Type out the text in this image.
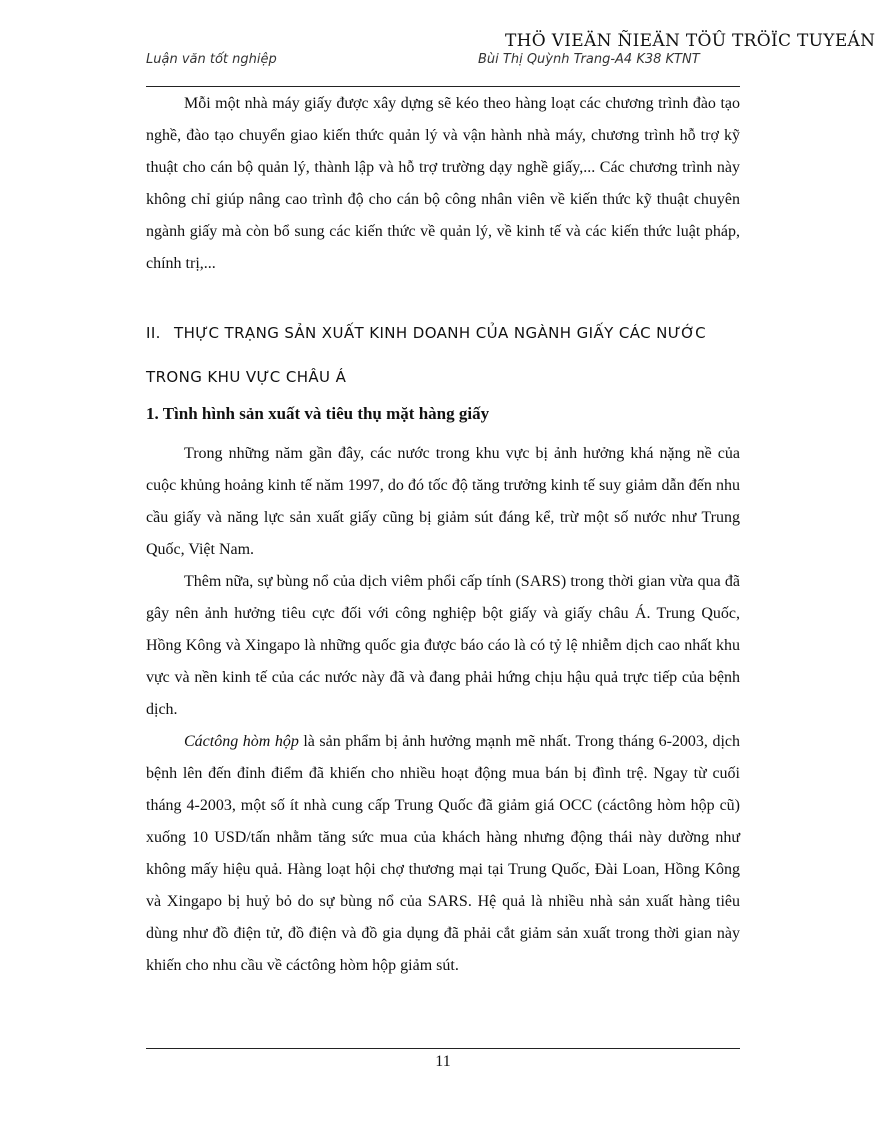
THÖ VIEÄN ÑIEÄN TÖÛ TRÖÏC TUYEÁN
Luận văn tốt nghiệp	Bùi Thị Quỳnh Trang-A4 K38 KTNT

Mỗi một nhà máy giấy được xây dựng sẽ kéo theo hàng loạt các chương trình đào tạo nghề, đào tạo chuyển giao kiến thức quản lý và vận hành nhà máy, chương trình hỗ trợ kỹ thuật cho cán bộ quản lý, thành lập và hỗ trợ trường dạy nghề giấy,... Các chương trình này không chỉ giúp nâng cao trình độ cho cán bộ công nhân viên về kiến thức kỹ thuật chuyên ngành giấy mà còn bổ sung các kiến thức về quản lý, về kinh tế và các kiến thức luật pháp, chính trị,...

II. THỰC TRẠNG SẢN XUẤT KINH DOANH CỦA NGÀNH GIẤY CÁC NƯỚC

TRONG KHU VỰC CHÂU Á

1. Tình hình sản xuất và tiêu thụ mặt hàng giấy

Trong những năm gần đây, các nước trong khu vực bị ảnh hưởng khá nặng nề của cuộc khủng hoảng kinh tế năm 1997, do đó tốc độ tăng trưởng kinh tế suy giảm dẫn đến nhu cầu giấy và năng lực sản xuất giấy cũng bị giảm sút đáng kể, trừ một số nước như Trung Quốc, Việt Nam.

Thêm nữa, sự bùng nổ của dịch viêm phổi cấp tính (SARS) trong thời gian vừa qua đã gây nên ảnh hưởng tiêu cực đối với công nghiệp bột giấy và giấy châu Á. Trung Quốc, Hồng Kông và Xingapo là những quốc gia được báo cáo là có tỷ lệ nhiễm dịch cao nhất khu vực và nền kinh tế của các nước này đã và đang phải hứng chịu hậu quả trực tiếp của bệnh dịch.

Cáctông hòm hộp là sản phẩm bị ảnh hưởng mạnh mẽ nhất. Trong tháng 6-2003, dịch bệnh lên đến đỉnh điểm đã khiến cho nhiều hoạt động mua bán bị đình trệ. Ngay từ cuối tháng 4-2003, một số ít nhà cung cấp Trung Quốc đã giảm giá OCC (cáctông hòm hộp cũ) xuống 10 USD/tấn nhằm tăng sức mua của khách hàng nhưng động thái này dường như không mấy hiệu quả. Hàng loạt hội chợ thương mại tại Trung Quốc, Đài Loan, Hồng Kông và Xingapo bị huỷ bỏ do sự bùng nổ của SARS. Hệ quả là nhiều nhà sản xuất hàng tiêu dùng như đồ điện tử, đồ điện và đồ gia dụng đã phải cắt giảm sản xuất trong thời gian này khiến cho nhu cầu về cáctông hòm hộp giảm sút.

11
